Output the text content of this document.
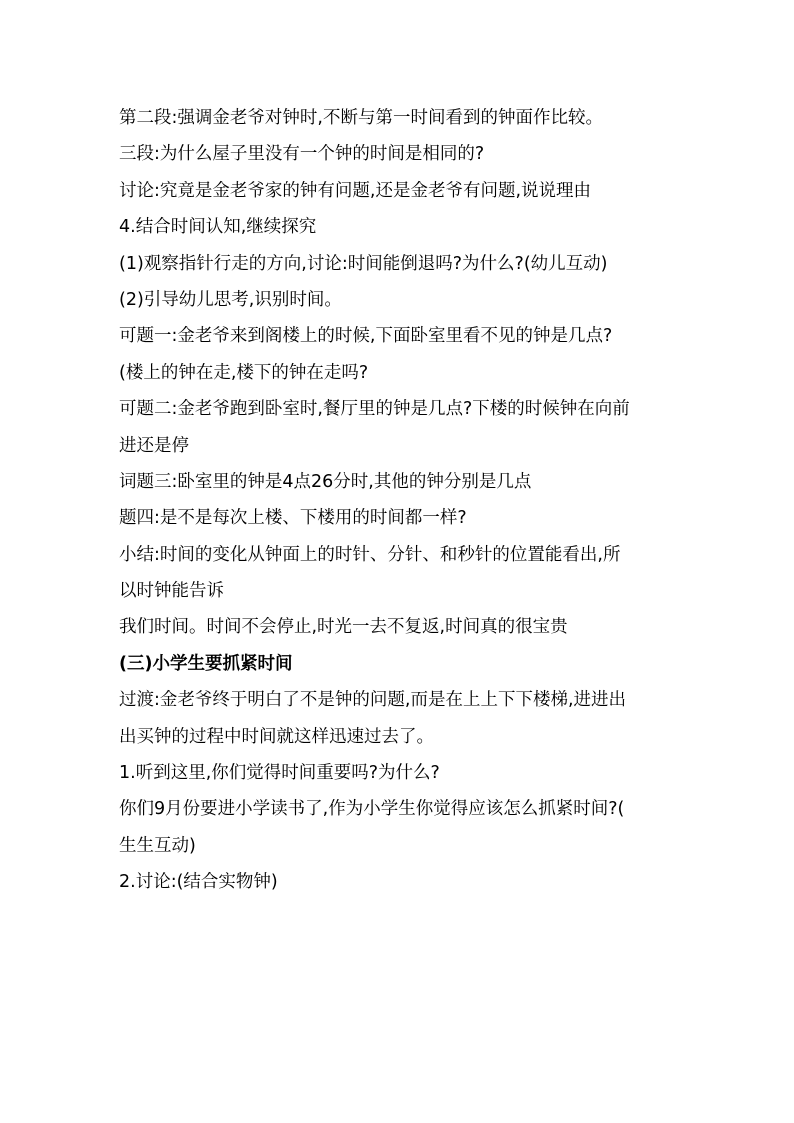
第二段:强调金老爷对钟时,不断与第一时间看到的钟面作比较。
三段:为什么屋子里没有一个钟的时间是相同的?
讨论:究竟是金老爷家的钟有问题,还是金老爷有问题,说说理由
4.结合时间认知,继续探究
(1)观察指针行走的方向,讨论:时间能倒退吗?为什么?(幼儿互动)
(2)引导幼儿思考,识别时间。
可题一:金老爷来到阁楼上的时候,下面卧室里看不见的钟是几点?
(楼上的钟在走,楼下的钟在走吗?
可题二:金老爷跑到卧室时,餐厅里的钟是几点?下楼的时候钟在向前
进还是停
词题三:卧室里的钟是4点26分时,其他的钟分别是几点
题四:是不是每次上楼、下楼用的时间都一样?
小结:时间的变化从钟面上的时针、分针、和秒针的位置能看出,所
以时钟能告诉
我们时间。时间不会停止,时光一去不复返,时间真的很宝贵
(三)小学生要抓紧时间
过渡:金老爷终于明白了不是钟的问题,而是在上上下下楼梯,进进出
出买钟的过程中时间就这样迅速过去了。
1.听到这里,你们觉得时间重要吗?为什么?
你们9月份要进小学读书了,作为小学生你觉得应该怎么抓紧时间?(
生生互动)
2.讨论:(结合实物钟)
